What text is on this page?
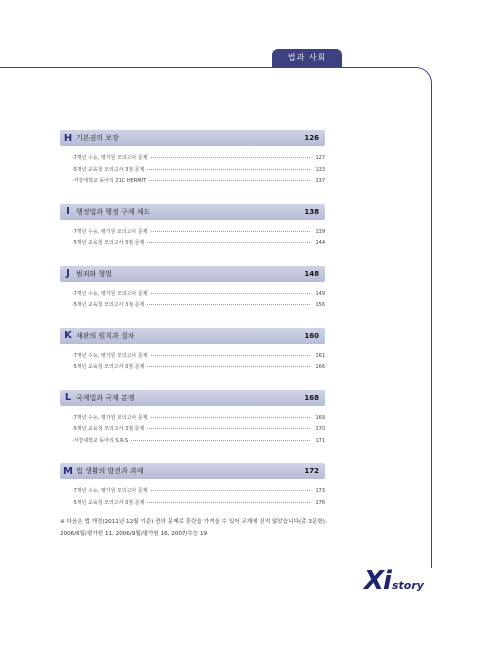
법과 사회
H 기본권의 보장	126
·7개년 수능, 평가원 모의고사 문제	127
·5개년 교육청 모의고사 3점 문제	133
·서강대학교 동아리 21C HERMIT	137
I 행정법과 행정 구제 제도	138
·7개년 수능, 평가원 모의고사 문제	139
·5개년 교육청 모의고사 3점 문제	144
J 범죄와 형벌	148
·7개년 수능, 평가원 모의고사 문제	149
·5개년 교육청 모의고사 3점 문제	156
K 재판의 원칙과 절차	160
·7개년 수능, 평가원 모의고사 문제	161
·5개년 교육청 모의고사 3점 문제	166
L 국제법과 국제 분쟁	168
·7개년 수능, 평가원 모의고사 문제	169
·5개년 교육청 모의고사 3점 문제	170
·서강대학교 동아리 S.R.S	171
M 법 생활의 발전과 과제	172
·7개년 수능, 평가원 모의고사 문제	173
·5개년 교육청 모의고사 3점 문제	176

※ 다음은 법 개정(2011년 12월 기준) 전의 문제로 혼란을 가져올 수 있어 교재에 싣지 않았습니다(총 3문항).

2006/6월/평가원 11, 2006/9월/평가원 16, 2007/수능 19

Xi story
